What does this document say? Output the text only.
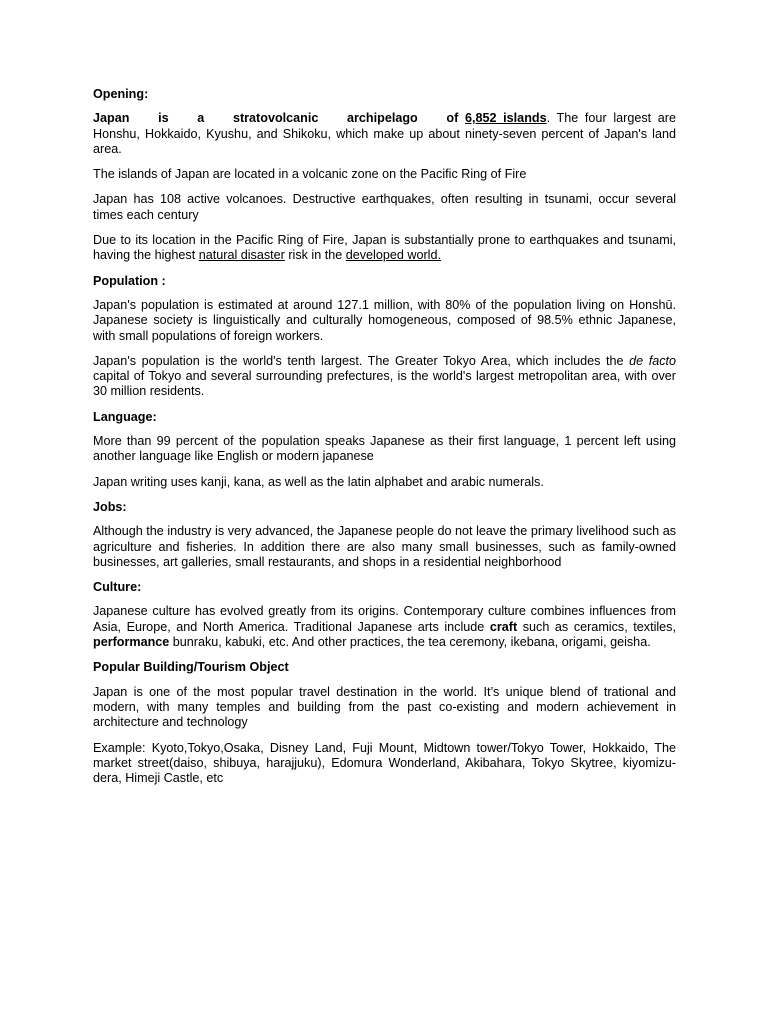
Opening:

Japan is a stratovolcanic archipelago of 6,852 islands. The four largest are Honshu, Hokkaido, Kyushu, and Shikoku, which make up about ninety-seven percent of Japan's land area.

The islands of Japan are located in a volcanic zone on the Pacific Ring of Fire

Japan has 108 active volcanoes. Destructive earthquakes, often resulting in tsunami, occur several times each century

Due to its location in the Pacific Ring of Fire, Japan is substantially prone to earthquakes and tsunami, having the highest natural disaster risk in the developed world.

Population :

Japan's population is estimated at around 127.1 million, with 80% of the population living on Honshū. Japanese society is linguistically and culturally homogeneous, composed of 98.5% ethnic Japanese, with small populations of foreign workers.

Japan's population is the world's tenth largest. The Greater Tokyo Area, which includes the de facto capital of Tokyo and several surrounding prefectures, is the world's largest metropolitan area, with over 30 million residents.

Language:

More than 99 percent of the population speaks Japanese as their first language, 1 percent left using another language like English or modern japanese

Japan writing uses kanji, kana, as well as the latin alphabet and arabic numerals.

Jobs:

Although the industry is very advanced, the Japanese people do not leave the primary livelihood such as agriculture and fisheries. In addition there are also many small businesses, such as family-owned businesses, art galleries, small restaurants, and shops in a residential neighborhood

Culture:

Japanese culture has evolved greatly from its origins. Contemporary culture combines influences from Asia, Europe, and North America. Traditional Japanese arts include craft such as ceramics, textiles, performance bunraku, kabuki, etc. And other practices, the tea ceremony, ikebana, origami, geisha.

Popular Building/Tourism Object

Japan is one of the most popular travel destination in the world. It’s unique blend of trational and modern, with many temples and building from the past co-existing and modern achievement in architecture and technology

Example: Kyoto,Tokyo,Osaka, Disney Land, Fuji Mount, Midtown tower/Tokyo Tower, Hokkaido, The market street(daiso, shibuya, harajjuku), Edomura Wonderland, Akibahara, Tokyo Skytree, kiyomizu-dera, Himeji Castle, etc
